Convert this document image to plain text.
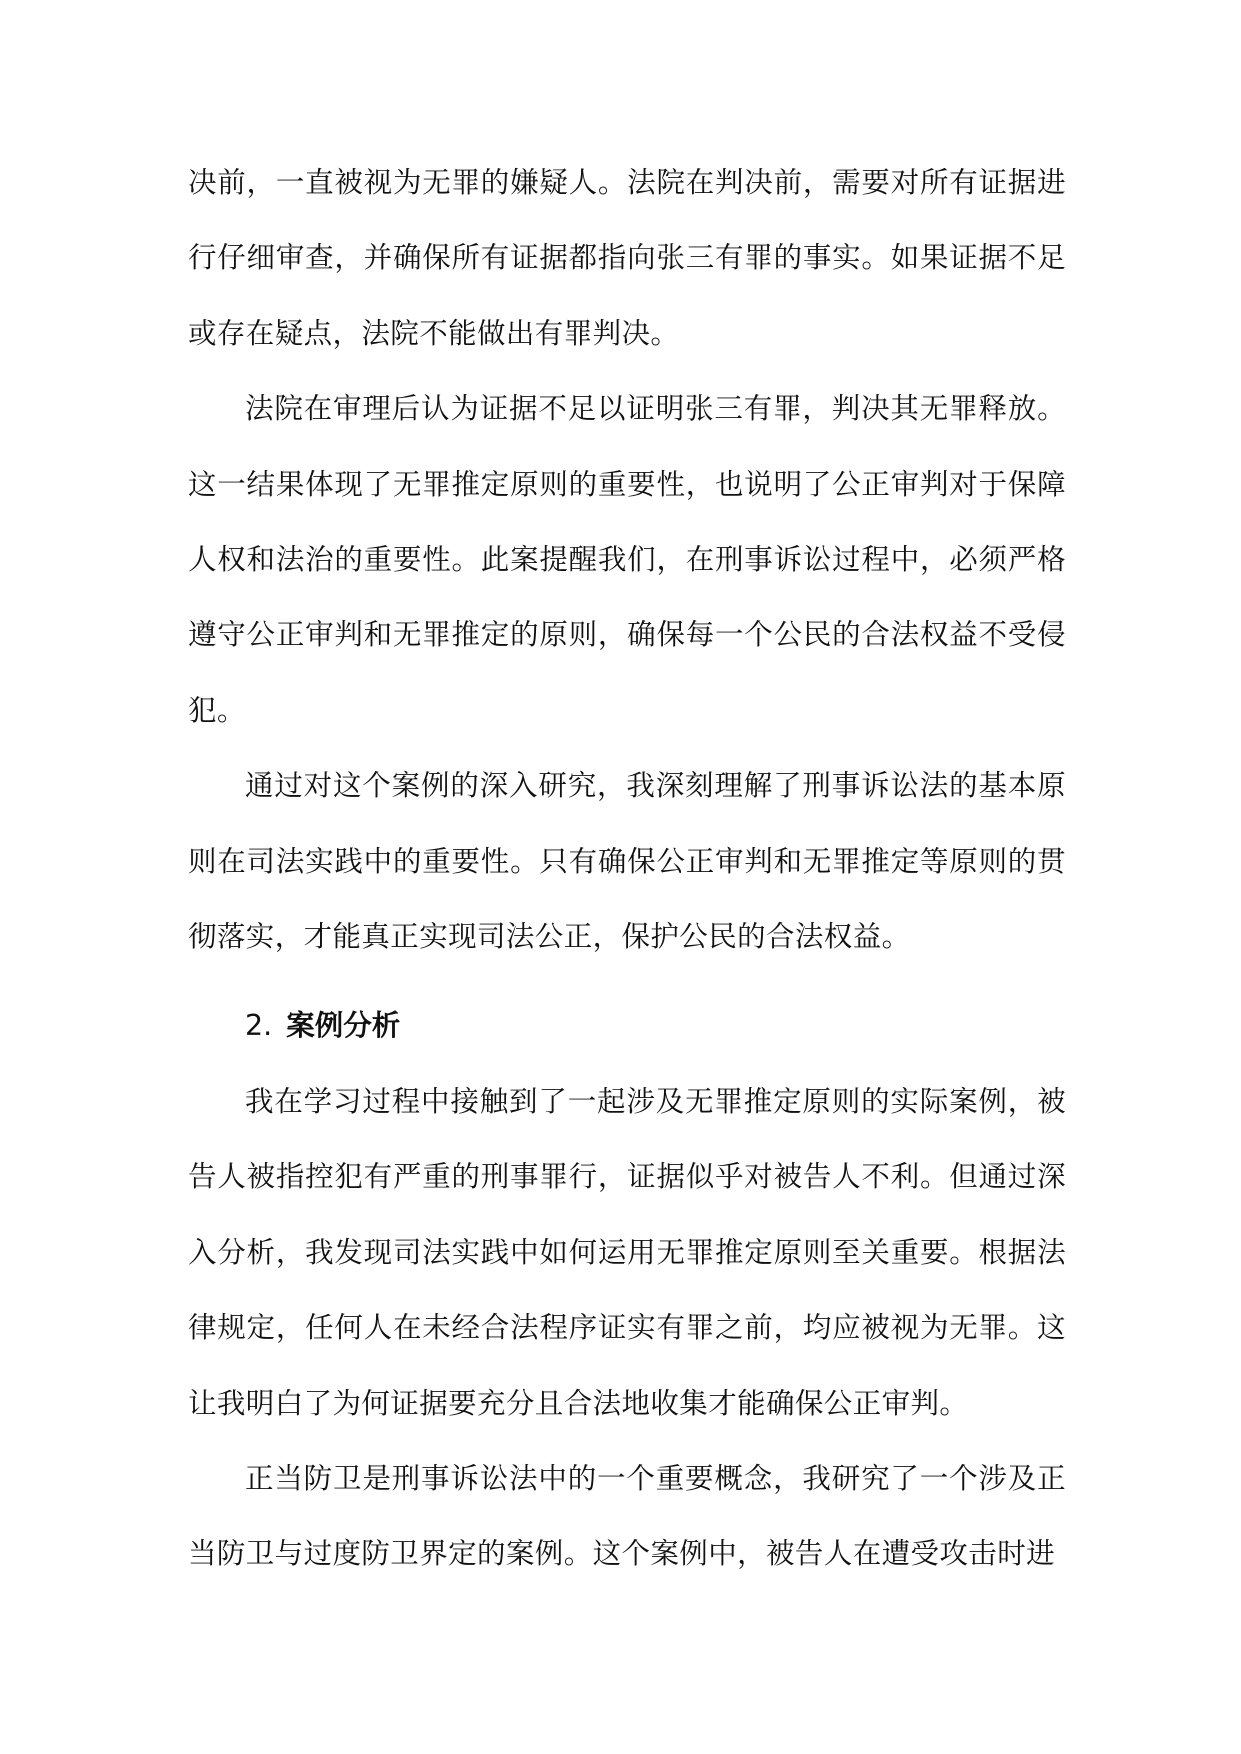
决前，一直被视为无罪的嫌疑人。法院在判决前，需要对所有证据进行仔细审查，并确保所有证据都指向张三有罪的事实。如果证据不足或存在疑点，法院不能做出有罪判决。

法院在审理后认为证据不足以证明张三有罪，判决其无罪释放。这一结果体现了无罪推定原则的重要性，也说明了公正审判对于保障人权和法治的重要性。此案提醒我们，在刑事诉讼过程中，必须严格遵守公正审判和无罪推定的原则，确保每一个公民的合法权益不受侵犯。

通过对这个案例的深入研究，我深刻理解了刑事诉讼法的基本原则在司法实践中的重要性。只有确保公正审判和无罪推定等原则的贯彻落实，才能真正实现司法公正，保护公民的合法权益。

2. 案例分析

我在学习过程中接触到了一起涉及无罪推定原则的实际案例，被告人被指控犯有严重的刑事罪行，证据似乎对被告人不利。但通过深入分析，我发现司法实践中如何运用无罪推定原则至关重要。根据法律规定，任何人在未经合法程序证实有罪之前，均应被视为无罪。这让我明白了为何证据要充分且合法地收集才能确保公正审判。

正当防卫是刑事诉讼法中的一个重要概念，我研究了一个涉及正当防卫与过度防卫界定的案例。这个案例中，被告人在遭受攻击时进
